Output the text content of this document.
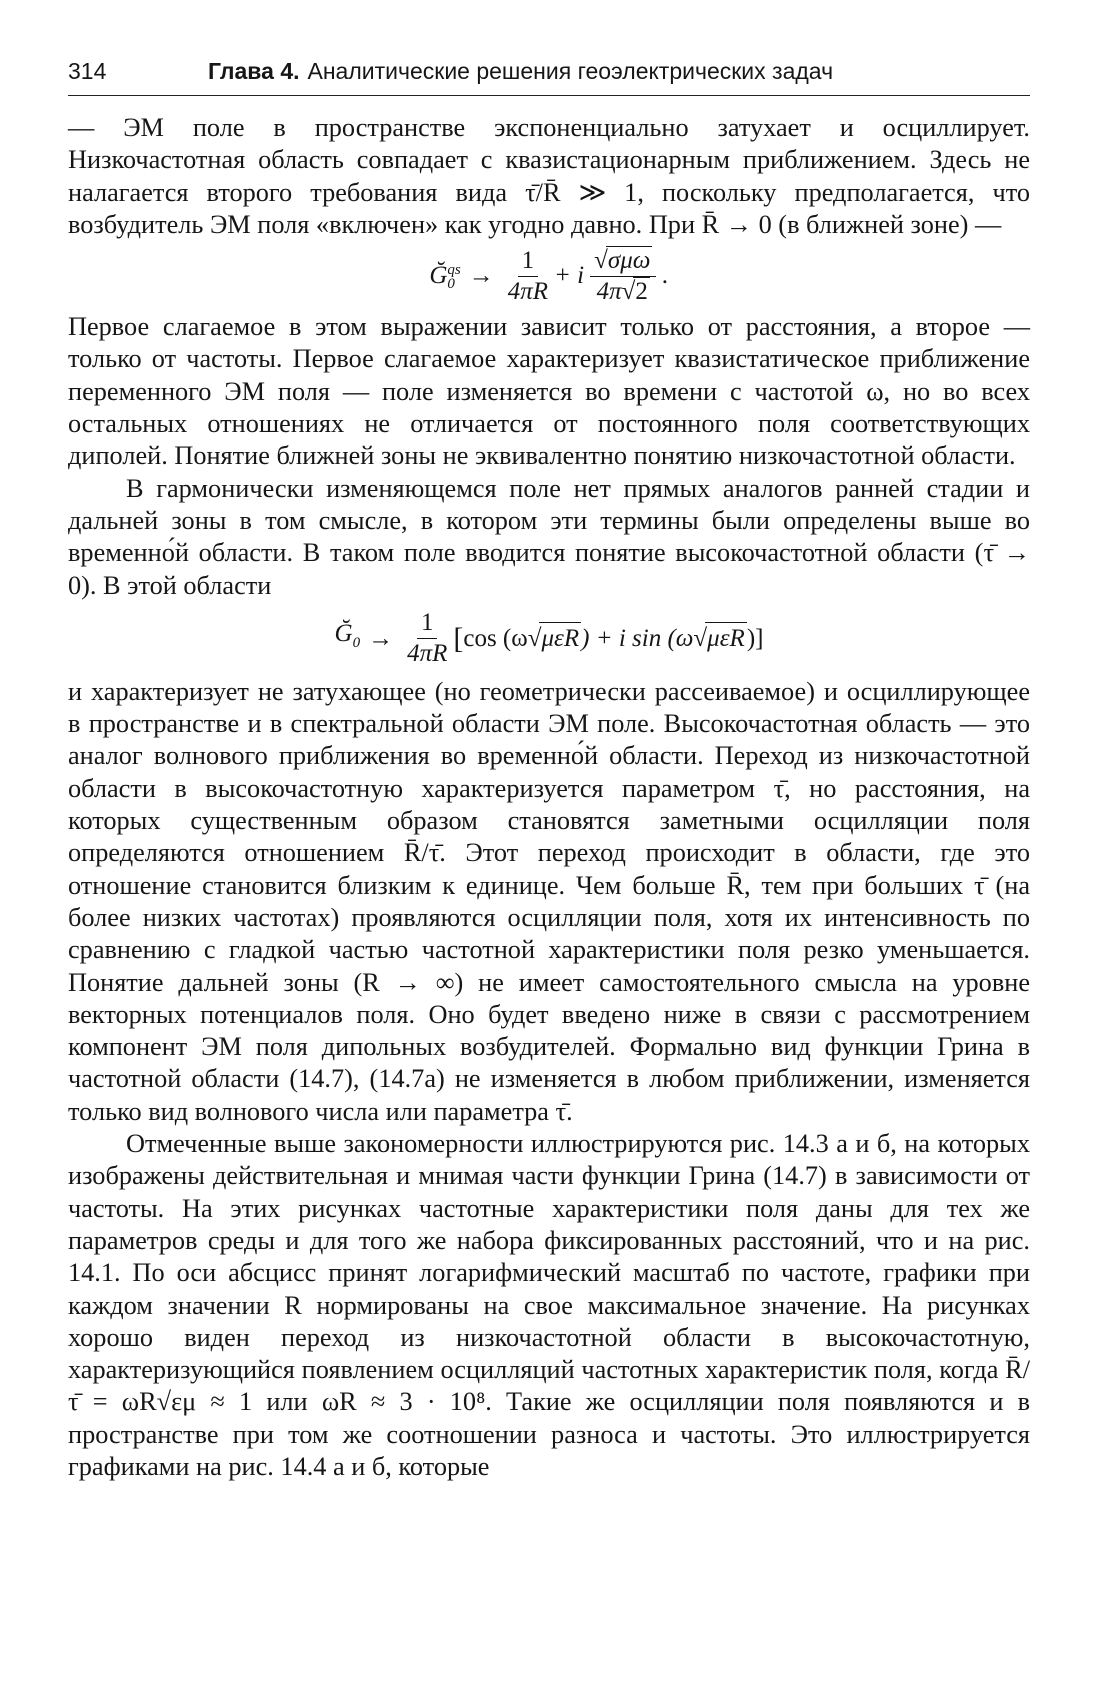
314	Глава 4. Аналитические решения геоэлектрических задач

— ЭМ поле в пространстве экспоненциально затухает и осциллирует. Низкочастотная область совпадает с квазистационарным приближением. Здесь не налагается второго требования вида τ̄/R̄ ≫ 1, поскольку предполагается, что возбудитель ЭМ поля «включен» как угодно давно. При R̄ → 0 (в ближней зоне) —

Ğ qs
$0 \to \frac{1}{4\pi R} + i \frac{\text{√σμω}}{4\pi√2}$ .

Первое слагаемое в этом выражении зависит только от расстояния, а второе — только от частоты. Первое слагаемое характеризует квазистатическое приближение переменного ЭМ поля — поле изменяется во времени с частотой ω, но во всех остальных отношениях не отличается от постоянного поля соответствующих диполей. Понятие ближней зоны не эквивалентно понятию низкочастотной области.

В гармонически изменяющемся поле нет прямых аналогов ранней стадии и дальней зоны в том смысле, в котором эти термины были определены выше во временно́й области. В таком поле вводится понятие высокочастотной области (τ̄ → 0). В этой области

$Ğ_0 \to \frac{1}{4\pi R}$ [ cos (ω √ μεR ) + i sin (ω √ μεR )]

и характеризует не затухающее (но геометрически рассеиваемое) и осциллирующее в пространстве и в спектральной области ЭМ поле. Высокочастотная область — это аналог волнового приближения во временно́й области. Переход из низкочастотной области в высокочастотную характеризуется параметром τ̄, но расстояния, на которых существенным образом становятся заметными осцилляции поля определяются отношением R̄/τ̄. Этот переход происходит в области, где это отношение становится близким к единице. Чем больше R̄, тем при больших τ̄ (на более низких частотах) проявляются осцилляции поля, хотя их интенсивность по сравнению с гладкой частью частотной характеристики поля резко уменьшается. Понятие дальней зоны (R → ∞) не имеет самостоятельного смысла на уровне векторных потенциалов поля. Оно будет введено ниже в связи с рассмотрением компонент ЭМ поля дипольных возбудителей. Формально вид функции Грина в частотной области (14.7), (14.7а) не изменяется в любом приближении, изменяется только вид волнового числа или параметра τ̄.

Отмеченные выше закономерности иллюстрируются рис. 14.3 а и б, на которых изображены действительная и мнимая части функции Грина (14.7) в зависимости от частоты. На этих рисунках частотные характеристики поля даны для тех же параметров среды и для того же набора фиксированных расстояний, что и на рис. 14.1. По оси абсцисс принят логарифмический масштаб по частоте, графики при каждом значении R нормированы на свое максимальное значение. На рисунках хорошо виден переход из низкочастотной области в высокочастотную, характеризующийся появлением осцилляций частотных характеристик поля, когда R̄/τ̄ = ωR√εμ ≈ 1 или ωR ≈ 3 · 10⁸. Такие же осцилляции поля появляются и в пространстве при том же соотношении разноса и частоты. Это иллюстрируется графиками на рис. 14.4 а и б, которые
